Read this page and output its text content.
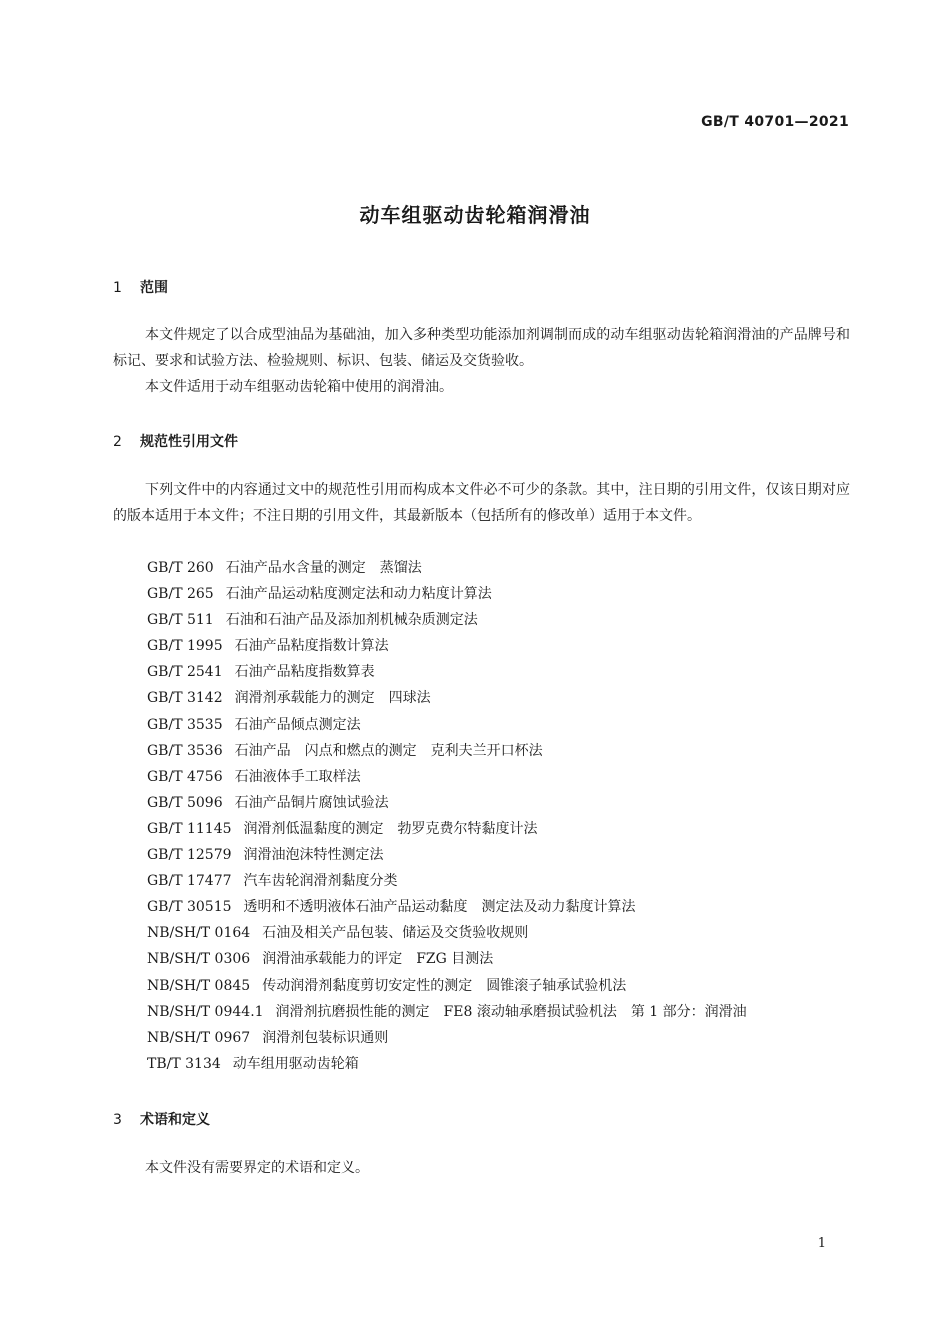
GB/T 40701—2021
动车组驱动齿轮箱润滑油
1 范围

本文件规定了以合成型油品为基础油，加入多种类型功能添加剂调制而成的动车组驱动齿轮箱润滑油的产品牌号和标记、要求和试验方法、检验规则、标识、包装、储运及交货验收。

本文件适用于动车组驱动齿轮箱中使用的润滑油。

2 规范性引用文件

下列文件中的内容通过文中的规范性引用而构成本文件必不可少的条款。其中，注日期的引用文件，仅该日期对应的版本适用于本文件；不注日期的引用文件，其最新版本（包括所有的修改单）适用于本文件。

GB/T 260 石油产品水含量的测定　蒸馏法
GB/T 265 石油产品运动粘度测定法和动力粘度计算法
GB/T 511 石油和石油产品及添加剂机械杂质测定法
GB/T 1995 石油产品粘度指数计算法
GB/T 2541 石油产品粘度指数算表
GB/T 3142 润滑剂承载能力的测定　四球法
GB/T 3535 石油产品倾点测定法
GB/T 3536 石油产品　闪点和燃点的测定　克利夫兰开口杯法
GB/T 4756 石油液体手工取样法
GB/T 5096 石油产品铜片腐蚀试验法
GB/T 11145 润滑剂低温黏度的测定　勃罗克费尔特黏度计法
GB/T 12579 润滑油泡沫特性测定法
GB/T 17477 汽车齿轮润滑剂黏度分类
GB/T 30515 透明和不透明液体石油产品运动黏度　测定法及动力黏度计算法
NB/SH/T 0164 石油及相关产品包装、储运及交货验收规则
NB/SH/T 0306 润滑油承载能力的评定　FZG 目测法
NB/SH/T 0845 传动润滑剂黏度剪切安定性的测定　圆锥滚子轴承试验机法
NB/SH/T 0944.1 润滑剂抗磨损性能的测定　FE8 滚动轴承磨损试验机法　第 1 部分：润滑油
NB/SH/T 0967 润滑剂包装标识通则
TB/T 3134 动车组用驱动齿轮箱
3 术语和定义

本文件没有需要界定的术语和定义。

1
